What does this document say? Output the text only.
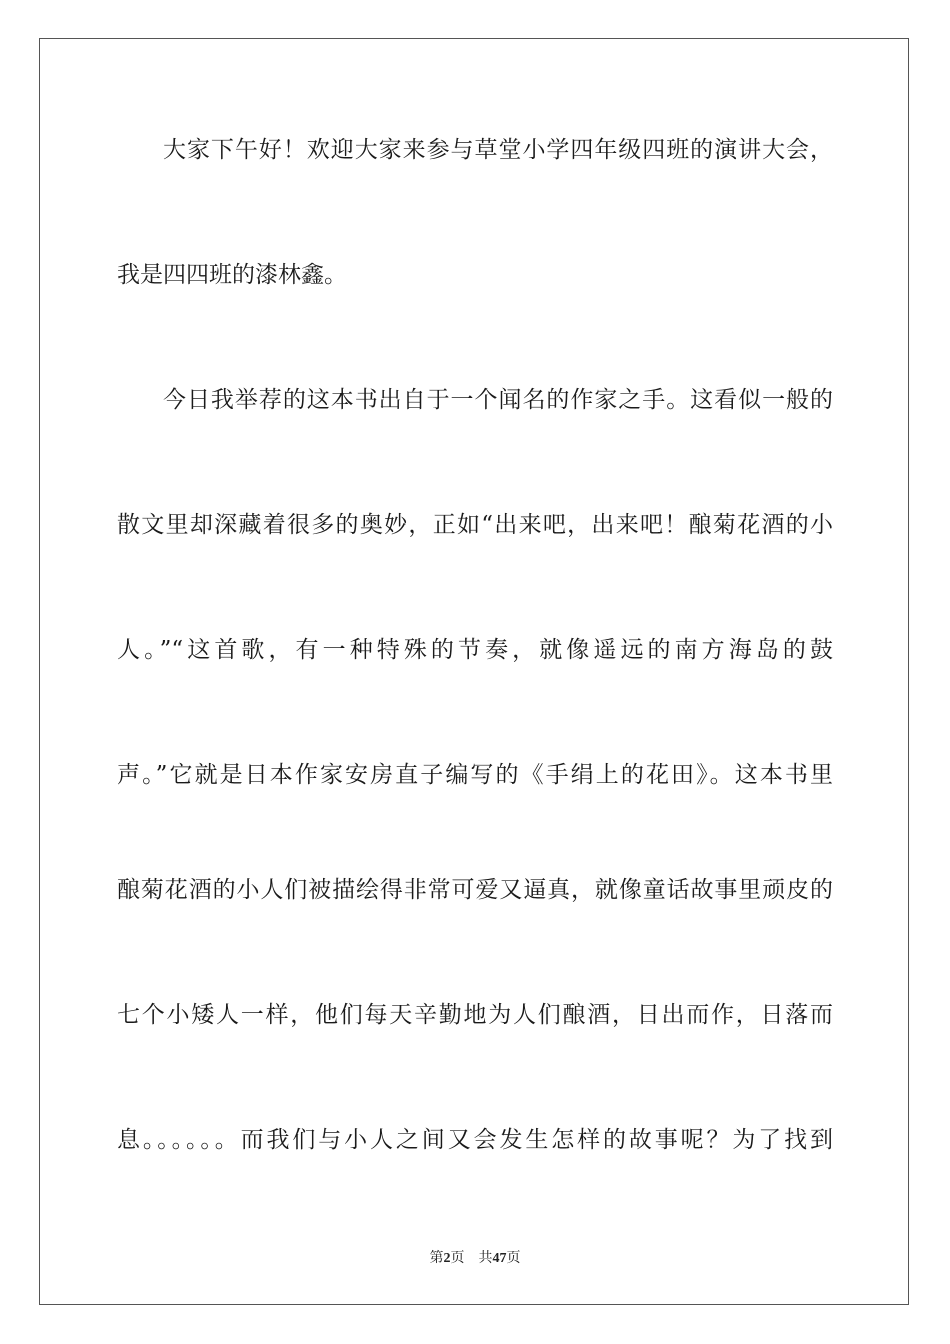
大家下午好！欢迎大家来参与草堂小学四年级四班的演讲大会，
我是四四班的漆林鑫。
今日我举荐的这本书出自于一个闻名的作家之手。这看似一般的
散文里却深藏着很多的奥妙，正如“出来吧，出来吧！酿菊花酒的小
人。”“这首歌，有一种特殊的节奏，就像遥远的南方海岛的鼓
声。”它就是日本作家安房直子编写的《手绢上的花田》。这本书里
酿菊花酒的小人们被描绘得非常可爱又逼真，就像童话故事里顽皮的
七个小矮人一样，他们每天辛勤地为人们酿酒，日出而作，日落而
息。。。。。。而我们与小人之间又会发生怎样的故事呢？为了找到
第2页 共47页
